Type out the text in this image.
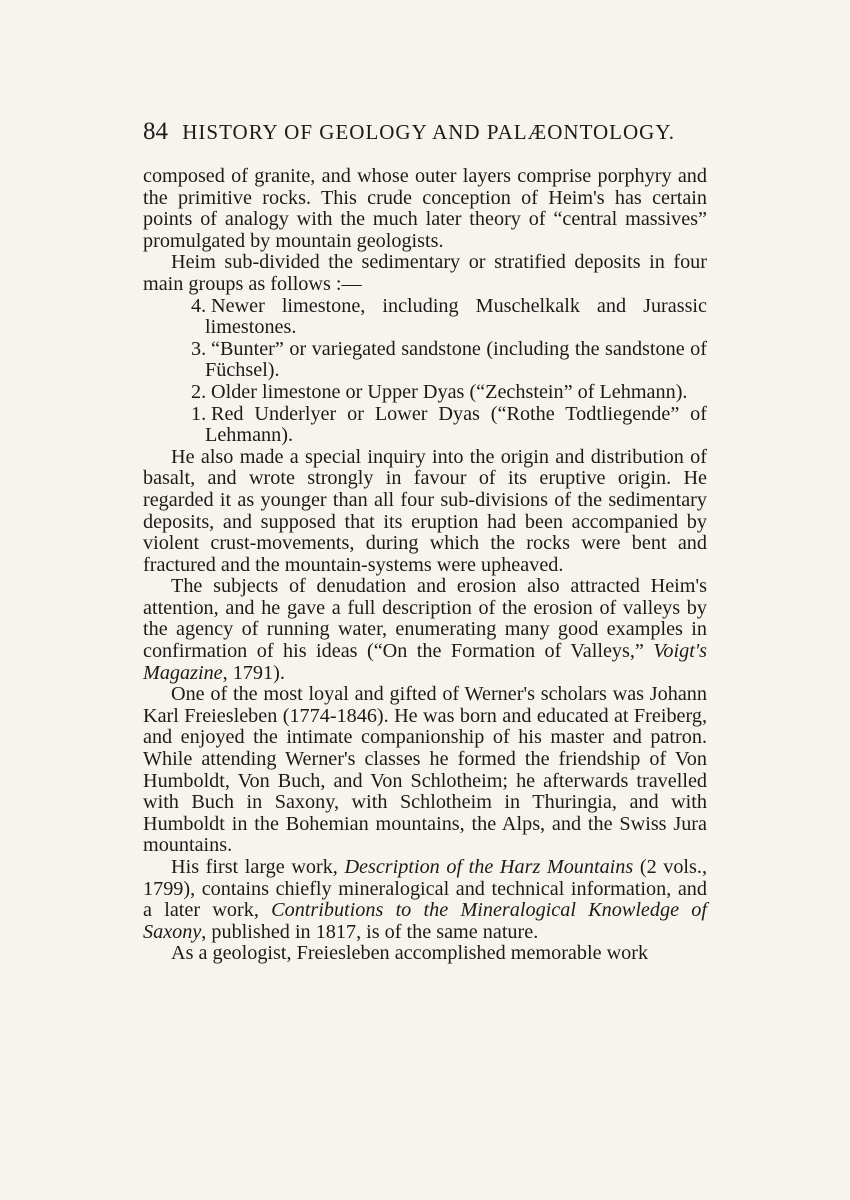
84 HISTORY OF GEOLOGY AND PALÆONTOLOGY.

composed of granite, and whose outer layers comprise porphyry and the primitive rocks. This crude conception of Heim's has certain points of analogy with the much later theory of “central massives” promulgated by mountain geologists.

Heim sub-divided the sedimentary or stratified deposits in four main groups as follows :—

4. Newer limestone, including Muschelkalk and Jurassic limestones.
3. “Bunter” or variegated sandstone (including the sandstone of Füchsel).
2. Older limestone or Upper Dyas (“Zechstein” of Lehmann).
1. Red Underlyer or Lower Dyas (“Rothe Todtliegende” of Lehmann).

He also made a special inquiry into the origin and distribution of basalt, and wrote strongly in favour of its eruptive origin. He regarded it as younger than all four sub-divisions of the sedimentary deposits, and supposed that its eruption had been accompanied by violent crust-movements, during which the rocks were bent and fractured and the mountain-systems were upheaved.

The subjects of denudation and erosion also attracted Heim's attention, and he gave a full description of the erosion of valleys by the agency of running water, enumerating many good examples in confirmation of his ideas (“On the Formation of Valleys,” Voigt's Magazine, 1791).

One of the most loyal and gifted of Werner's scholars was Johann Karl Freiesleben (1774-1846). He was born and educated at Freiberg, and enjoyed the intimate companionship of his master and patron. While attending Werner's classes he formed the friendship of Von Humboldt, Von Buch, and Von Schlotheim; he afterwards travelled with Buch in Saxony, with Schlotheim in Thuringia, and with Humboldt in the Bohemian mountains, the Alps, and the Swiss Jura mountains.

His first large work, Description of the Harz Mountains (2 vols., 1799), contains chiefly mineralogical and technical information, and a later work, Contributions to the Mineralogical Knowledge of Saxony, published in 1817, is of the same nature.

As a geologist, Freiesleben accomplished memorable work
